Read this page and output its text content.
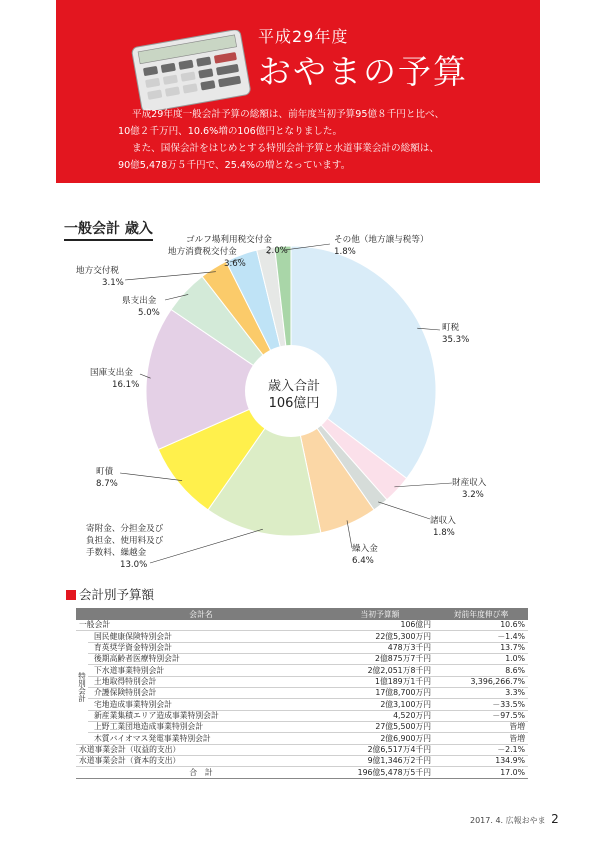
平成29年度
おやまの予算

平成29年度一般会計予算の総額は、前年度当初予算95億８千円と比べ、

10億２千万円、10.6%増の106億円となりました。

また、国保会計をはじめとする特別会計予算と水道事業会計の総額は、

90億5,478万５千円で、25.4%の増となっています。

一般会計 歳入
歳入合計
106億円
町税
35.3%
財産収入
3.2%
諸収入
1.8%
繰入金
6.4%
寄附金、分担金及び
負担金、使用料及び
手数料、繰越金
13.0%
町債
8.7%
国庫支出金
16.1%
県支出金
5.0%
地方交付税
3.1%
地方消費税交付金
3.6%
ゴルフ場利用税交付金
2.0%
その他（地方譲与税等）
1.8%
会計別予算額
会計名		当初予算額	対前年度伸び率
一般会計		106億円	10.6%
特別会計	国民健康保険特別会計	22億5,300万円	－1.4%
	育英奨学資金特別会計	478万3千円	13.7%
	後期高齢者医療特別会計	2億875万7千円	1.0%
	下水道事業特別会計	2億2,051万8千円	8.6%
	土地取得特別会計	1億189万1千円	3,396,266.7%
	介護保険特別会計	17億8,700万円	3.3%
	宅地造成事業特別会計	2億3,100万円	－33.5%
	新産業集積エリア造成事業特別会計	4,520万円	－97.5%
	上野工業団地造成事業特別会計	27億5,500万円	皆増
	木質バイオマス発電事業特別会計	2億6,900万円	皆増
水道事業会計（収益的支出）		2億6,517万4千円	－2.1%
水道事業会計（資本的支出）		9億1,346万2千円	134.9%
合　計		196億5,478万5千円	17.0%
2017. 4. 広報おやま 2
